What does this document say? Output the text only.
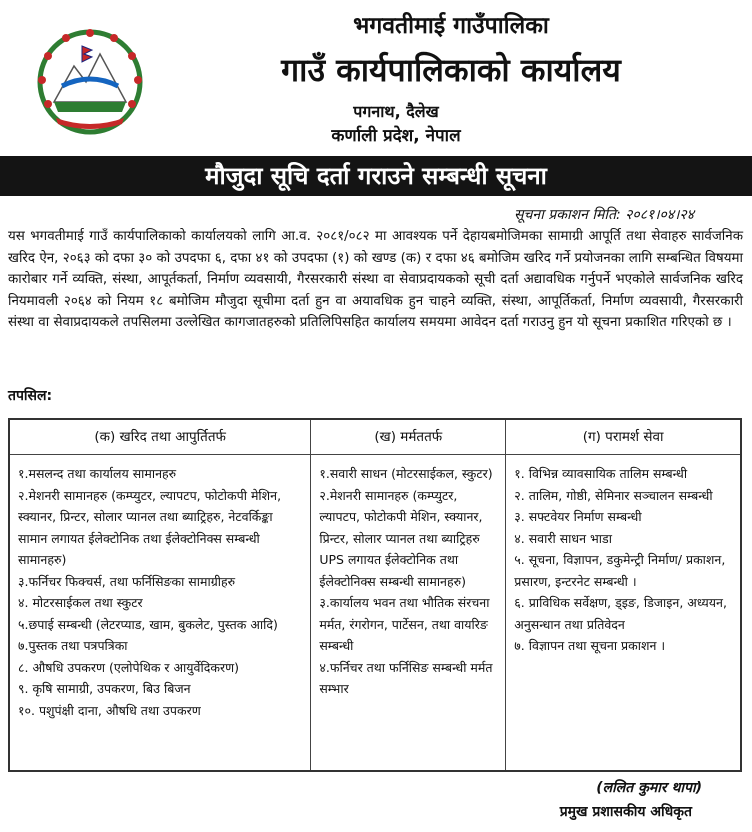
भगवतीमाई गाउँपालिका
गाउँ कार्यपालिकाको कार्यालय
पगनाथ, दैलेख
कर्णाली प्रदेश, नेपाल
मौजुदा सूचि दर्ता गराउने सम्बन्धी सूचना
सूचना प्रकाशन मिति: २०८१।०४।२४

यस भगवतीमाई गाउँ कार्यपालिकाको कार्यालयको लागि आ.व. २०८१/०८२ मा आवश्यक पर्ने देहायबमोजिमका सामाग्री आपूर्ति तथा सेवाहरु सार्वजनिक खरिद ऐन, २०६३ को दफा ३० को उपदफा ६, दफा ४१ को उपदफा (१) को खण्ड (क) र दफा ४६ बमोजिम खरिद गर्ने प्रयोजनका लागि सम्बन्धित विषयमा कारोबार गर्ने व्यक्ति, संस्था, आपूर्तकर्ता, निर्माण व्यवसायी, गैरसरकारी संस्था वा सेवाप्रदायकको सूची दर्ता अद्यावधिक गर्नुपर्ने भएकोले सार्वजनिक खरिद नियमावली २०६४ को नियम १८ बमोजिम मौजुदा सूचीमा दर्ता हुन वा अयावधिक हुन चाहने व्यक्ति, संस्था, आपूर्तिकर्ता, निर्माण व्यवसायी, गैरसरकारी संस्था वा सेवाप्रदायकले तपसिलमा उल्लेखित कागजातहरुको प्रतिलिपिसहित कार्यालय समयमा आवेदन दर्ता गराउनु हुन यो सूचना प्रकाशित गरिएको छ ।

तपसिल:
(क) खरिद तथा आपुर्तितर्फ
१.मसलन्द तथा कार्यालय सामानहरु
२.मेशनरी सामानहरु (कम्प्युटर, ल्यापटप, फोटोकपी मेशिन, स्क्यानर, प्रिन्टर, सोलार प्यानल तथा ब्याट्रिहरु, नेटवर्किङ्का सामान लगायत ईलेक्टोनिक तथा ईलेक्टोनिक्स सम्बन्धी सामानहरु)
३.फर्निचर फिक्चर्स, तथा फर्निसिङका सामाग्रीहरु
४. मोटरसाईकल तथा स्कुटर
५.छपाई सम्बन्धी (लेटरप्याड, खाम, बुकलेट, पुस्तक आदि)
७.पुस्तक तथा पत्रपत्रिका
८. औषधि उपकरण (एलोपेथिक र आयुर्वेदिकरण)
९. कृषि सामाग्री, उपकरण, बिउ बिजन
१०. पशुपंक्षी दाना, औषधि तथा उपकरण
(ख) मर्मततर्फ
१.सवारी साधन (मोटरसाईकल, स्कुटर)
२.मेशनरी सामानहरु (कम्प्युटर, ल्यापटप, फोटोकपी मेशिन, स्क्यानर, प्रिन्टर, सोलार प्यानल तथा ब्याट्रिहरु UPS लगायत ईलेक्टोनिक तथा ईलेक्टोनिक्स सम्बन्धी सामानहरु)
३.कार्यालय भवन तथा भौतिक संरचना मर्मत, रंगरोगन, पार्टेसन, तथा वायरिङ सम्बन्धी
४.फर्निचर तथा फर्निसिङ सम्बन्धी मर्मत सम्भार
(ग) परामर्श सेवा
१. विभिन्न व्यावसायिक तालिम सम्बन्धी
२. तालिम, गोष्ठी, सेमिनार सञ्चालन सम्बन्धी
३. सफ्टवेयर निर्माण सम्बन्धी
४. सवारी साधन भाडा
५. सूचना, विज्ञापन, डकुमेन्ट्री निर्माण/ प्रकाशन, प्रसारण, इन्टरनेट सम्बन्धी ।
६. प्राविधिक सर्वेक्षण, ड्इङ, डिजाइन, अध्ययन, अनुसन्धान तथा प्रतिवेदन
७. विज्ञापन तथा सूचना प्रकाशन ।
(ललित कुमार थापा)
प्रमुख प्रशासकीय अधिकृत
